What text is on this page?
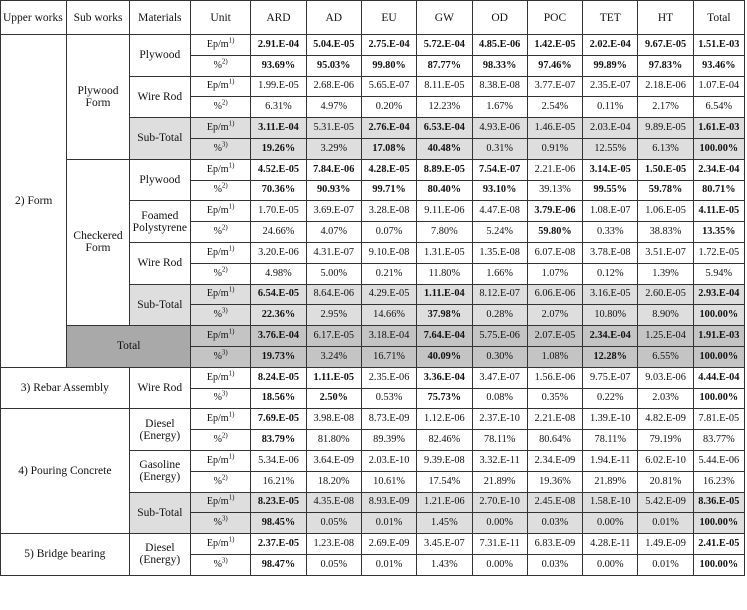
Upper works	Sub works	Materials	Unit	ARD	AD	EU	GW	OD	POC	TET	HT	Total
2) Form	Plywood Form	Plywood	$Ep/m^{1)}$	2.91.E-04	5.04.E-05	2.75.E-04	5.72.E-04	4.85.E-06	1.42.E-05	2.02.E-04	9.67.E-05	1.51.E-03
			%$^{2)}$	93.69%	95.03%	99.80%	87.77%	98.33%	97.46%	99.89%	97.83%	93.46%
		Wire Rod	$Ep/m^{1)}$	1.99.E-05	2.68.E-06	5.65.E-07	8.11.E-05	8.38.E-08	3.77.E-07	2.35.E-07	2.18.E-06	1.07.E-04
			%$^{2)}$	6.31%	4.97%	0.20%	12.23%	1.67%	2.54%	0.11%	2.17%	6.54%
		Sub-Total	$Ep/m^{1)}$	3.11.E-04	5.31.E-05	2.76.E-04	6.53.E-04	4.93.E-06	1.46.E-05	2.03.E-04	9.89.E-05	1.61.E-03
			%$^{3)}$	19.26%	3.29%	17.08%	40.48%	0.31%	0.91%	12.55%	6.13%	100.00%
	Checkered Form	Plywood	$Ep/m^{1)}$	4.52.E-05	7.84.E-06	4.28.E-05	8.89.E-05	7.54.E-07	2.21.E-06	3.14.E-05	1.50.E-05	2.34.E-04
			%$^{2)}$	70.36%	90.93%	99.71%	80.40%	93.10%	39.13%	99.55%	59.78%	80.71%
		Foamed Polystyrene	$Ep/m^{1)}$	1.70.E-05	3.69.E-07	3.28.E-08	9.11.E-06	4.47.E-08	3.79.E-06	1.08.E-07	1.06.E-05	4.11.E-05
			%$^{2)}$	24.66%	4.07%	0.07%	7.80%	5.24%	59.80%	0.33%	38.83%	13.35%
		Wire Rod	$Ep/m^{1)}$	3.20.E-06	4.31.E-07	9.10.E-08	1.31.E-05	1.35.E-08	6.07.E-08	3.78.E-08	3.51.E-07	1.72.E-05
			%$^{2)}$	4.98%	5.00%	0.21%	11.80%	1.66%	1.07%	0.12%	1.39%	5.94%
		Sub-Total	$Ep/m^{1)}$	6.54.E-05	8.64.E-06	4.29.E-05	1.11.E-04	8.12.E-07	6.06.E-06	3.16.E-05	2.60.E-05	2.93.E-04
			%$^{3)}$	22.36%	2.95%	14.66%	37.98%	0.28%	2.07%	10.80%	8.90%	100.00%
	Total		$Ep/m^{1)}$	3.76.E-04	6.17.E-05	3.18.E-04	7.64.E-04	5.75.E-06	2.07.E-05	2.34.E-04	1.25.E-04	1.91.E-03
			%$^{3)}$	19.73%	3.24%	16.71%	40.09%	0.30%	1.08%	12.28%	6.55%	100.00%
3) Rebar Assembly		Wire Rod	$Ep/m^{1)}$	8.24.E-05	1.11.E-05	2.35.E-06	3.36.E-04	3.47.E-07	1.56.E-06	9.75.E-07	9.03.E-06	4.44.E-04
			%$^{3)}$	18.56%	2.50%	0.53%	75.73%	0.08%	0.35%	0.22%	2.03%	100.00%
4) Pouring Concrete		Diesel (Energy)	$Ep/m^{1)}$	7.69.E-05	3.98.E-08	8.73.E-09	1.12.E-06	2.37.E-10	2.21.E-08	1.39.E-10	4.82.E-09	7.81.E-05
			%$^{2)}$	83.79%	81.80%	89.39%	82.46%	78.11%	80.64%	78.11%	79.19%	83.77%
		Gasoline (Energy)	$Ep/m^{1)}$	5.34.E-06	3.64.E-09	2.03.E-10	9.39.E-08	3.32.E-11	2.34.E-09	1.94.E-11	6.02.E-10	5.44.E-06
			%$^{2)}$	16.21%	18.20%	10.61%	17.54%	21.89%	19.36%	21.89%	20.81%	16.23%
		Sub-Total	$Ep/m^{1)}$	8.23.E-05	4.35.E-08	8.93.E-09	1.21.E-06	2.70.E-10	2.45.E-08	1.58.E-10	5.42.E-09	8.36.E-05
			%$^{3)}$	98.45%	0.05%	0.01%	1.45%	0.00%	0.03%	0.00%	0.01%	100.00%
5) Bridge bearing		Diesel (Energy)	$Ep/m^{1)}$	2.37.E-05	1.23.E-08	2.69.E-09	3.45.E-07	7.31.E-11	6.83.E-09	4.28.E-11	1.49.E-09	2.41.E-05
			%$^{3)}$	98.47%	0.05%	0.01%	1.43%	0.00%	0.03%	0.00%	0.01%	100.00%
